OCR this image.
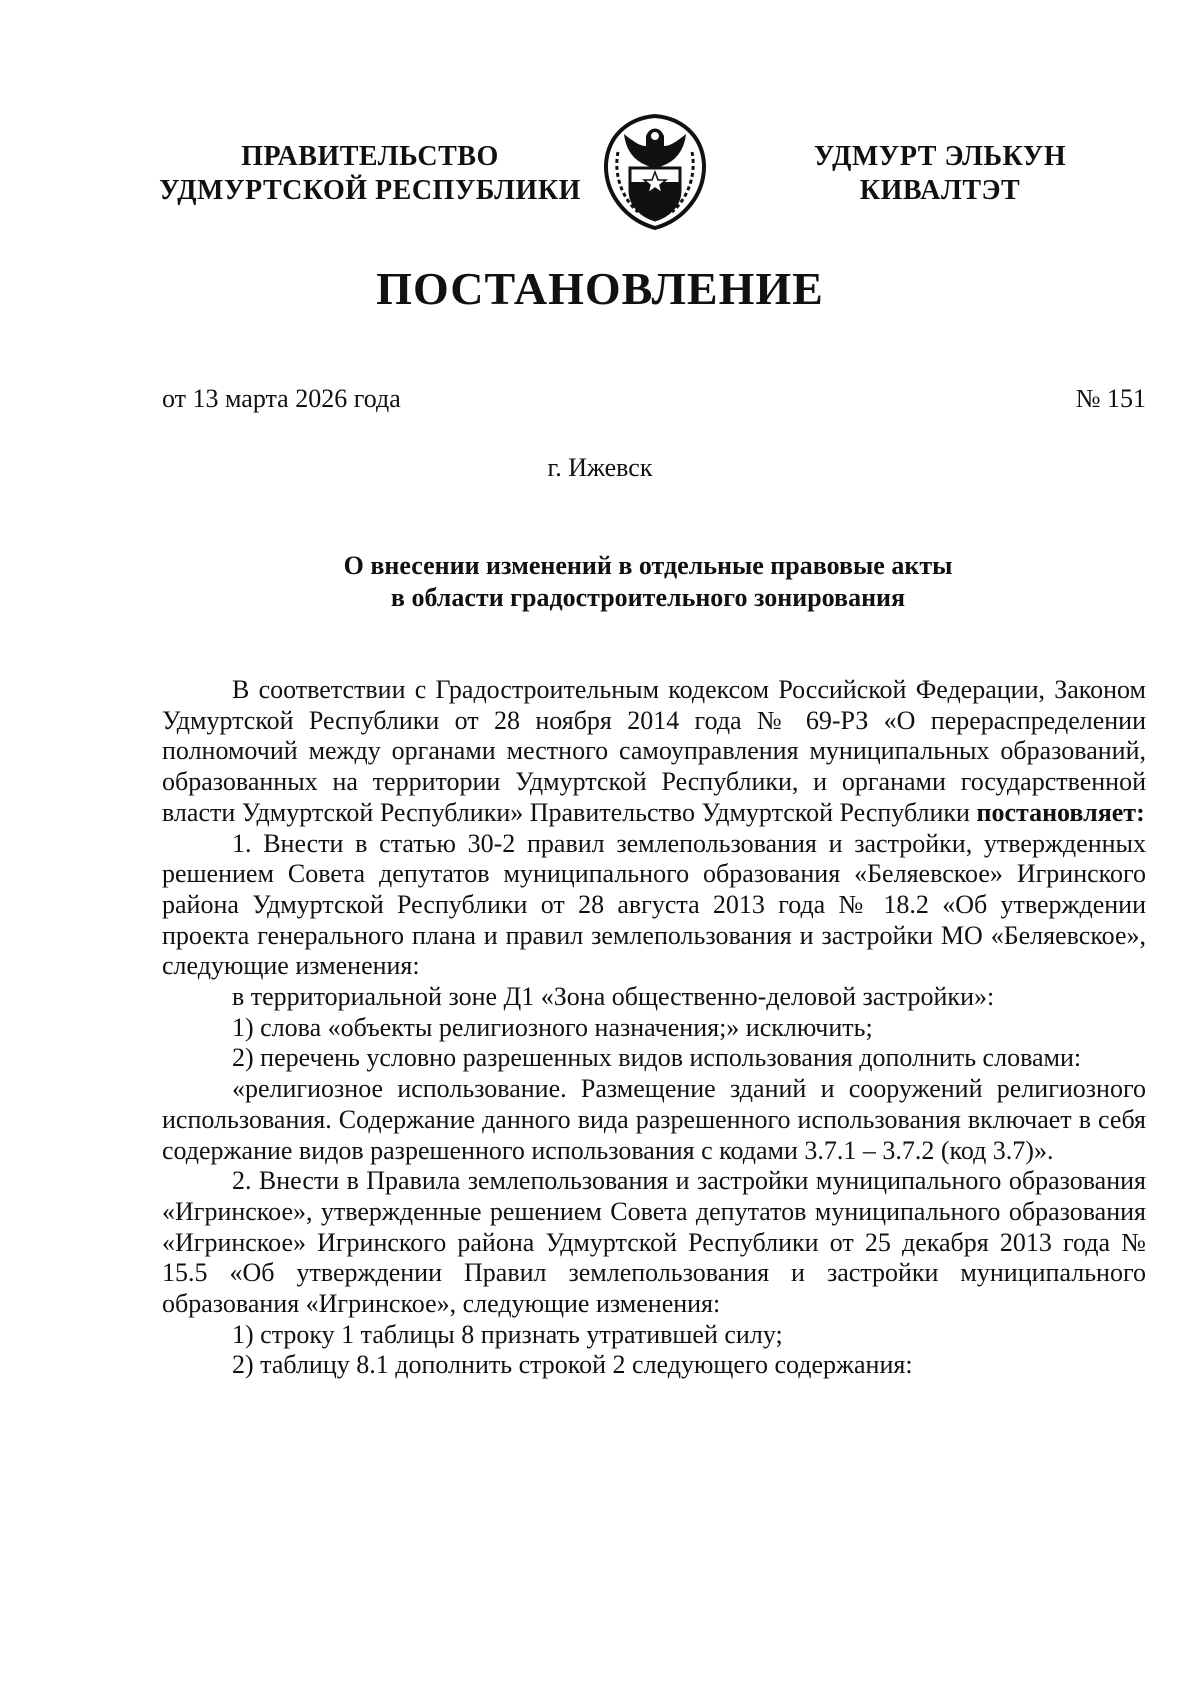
ПРАВИТЕЛЬСТВО
УДМУРТСКОЙ РЕСПУБЛИКИ
УДМУРТ ЭЛЬКУН
КИВАЛТЭТ
ПОСТАНОВЛЕНИЕ
от 13 марта 2026 года	№ 151
г. Ижевск
О внесении изменений в отдельные правовые акты
в области градостроительного зонирования

В соответствии с Градостроительным кодексом Российской Федерации, Законом Удмуртской Республики от 28 ноября 2014 года № 69-РЗ «О перераспределении полномочий между органами местного самоуправления муниципальных образований, образованных на территории Удмуртской Республики, и органами государственной власти Удмуртской Республики» Правительство Удмуртской Республики постановляет:

1. Внести в статью 30-2 правил землепользования и застройки, утвержденных решением Совета депутатов муниципального образования «Беляевское» Игринского района Удмуртской Республики от 28 августа 2013 года № 18.2 «Об утверждении проекта генерального плана и правил землепользования и застройки МО «Беляевское», следующие изменения:

в территориальной зоне Д1 «Зона общественно-деловой застройки»:

1) слова «объекты религиозного назначения;» исключить;

2) перечень условно разрешенных видов использования дополнить словами:

«религиозное использование. Размещение зданий и сооружений религиозного использования. Содержание данного вида разрешенного использования включает в себя содержание видов разрешенного использования с кодами 3.7.1 – 3.7.2 (код 3.7)».

2. Внести в Правила землепользования и застройки муниципального образования «Игринское», утвержденные решением Совета депутатов муниципального образования «Игринское» Игринского района Удмуртской Республики от 25 декабря 2013 года № 15.5 «Об утверждении Правил землепользования и застройки муниципального образования «Игринское», следующие изменения:

1) строку 1 таблицы 8 признать утратившей силу;

2) таблицу 8.1 дополнить строкой 2 следующего содержания:
